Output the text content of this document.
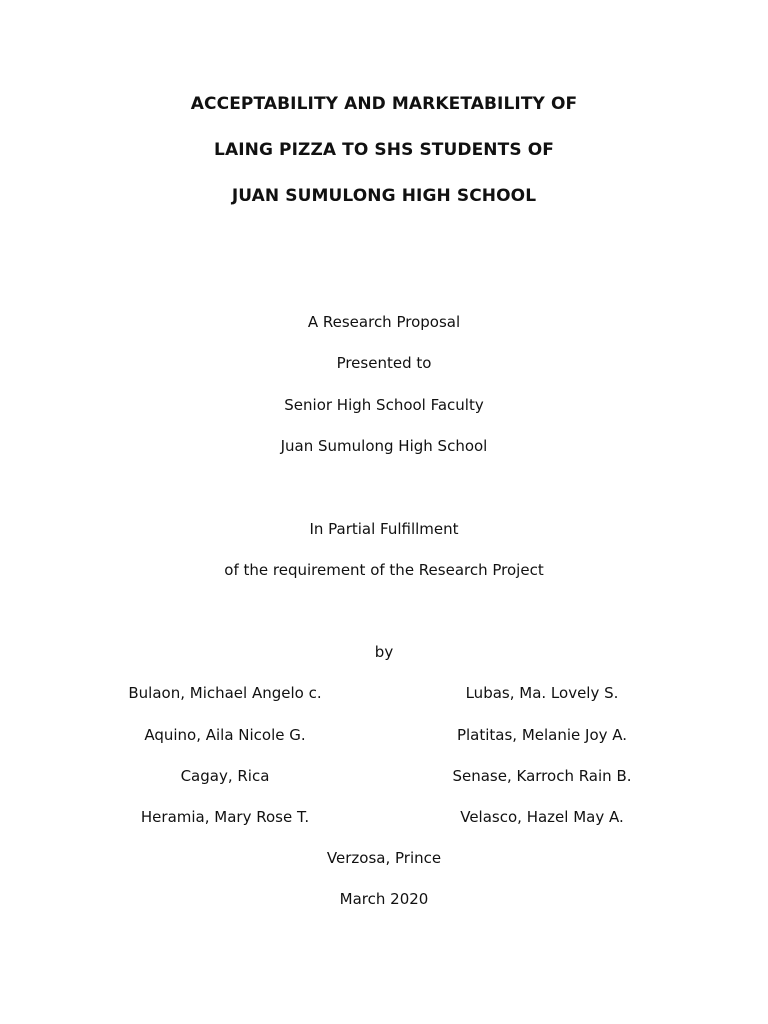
ACCEPTABILITY AND MARKETABILITY OF
LAING PIZZA TO SHS STUDENTS OF
JUAN SUMULONG HIGH SCHOOL
A Research Proposal
Presented to
Senior High School Faculty
Juan Sumulong High School
In Partial Fulfillment
of the requirement of the Research Project
by
Bulaon, Michael Angelo c.	Lubas, Ma. Lovely S.
Aquino, Aila Nicole G.	Platitas, Melanie Joy A.
Cagay, Rica	Senase, Karroch Rain B.
Heramia, Mary Rose T.	Velasco, Hazel May A.
Verzosa, Prince
March 2020
